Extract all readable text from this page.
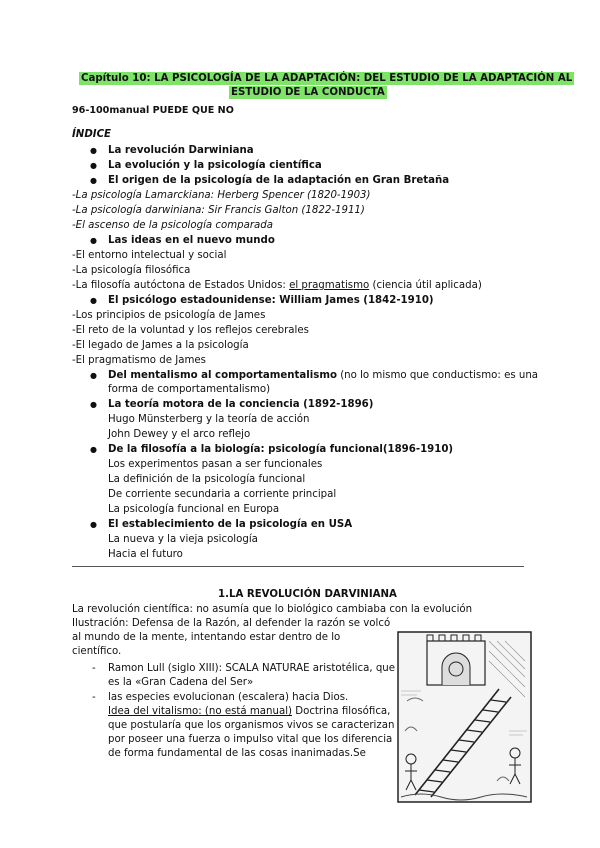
Capítulo 10: LA PSICOLOGÍA DE LA ADAPTACIÓN: DEL ESTUDIO DE LA ADAPTACIÓN AL
ESTUDIO DE LA CONDUCTA

96-100manual PUEDE QUE NO

ÍNDICE

● La revolución Darwiniana

● La evolución y la psicología científica

● El origen de la psicología de la adaptación en Gran Bretaña

-La psicología Lamarckiana: Herberg Spencer (1820-1903)

-La psicología darwiniana: Sir Francis Galton (1822-1911)

-El ascenso de la psicología comparada

● Las ideas en el nuevo mundo

-El entorno intelectual y social

-La psicología filosófica

-La filosofía autóctona de Estados Unidos: el pragmatismo (ciencia útil aplicada)

● El psicólogo estadounidense: William James (1842-1910)

-Los principios de psicología de James

-El reto de la voluntad y los reflejos cerebrales

-El legado de James a la psicología

-El pragmatismo de James

● Del mentalismo al comportamentalismo (no lo mismo que conductismo: es una

forma de comportamentalismo)

● La teoría motora de la conciencia (1892-1896)

Hugo Münsterberg y la teoría de acción

John Dewey y el arco reflejo

● De la filosofía a la biología: psicología funcional(1896-1910)

Los experimentos pasan a ser funcionales

La definición de la psicología funcional

De corriente secundaria a corriente principal

La psicología funcional en Europa

● El establecimiento de la psicología en USA

La nueva y la vieja psicología

Hacia el futuro

1.LA REVOLUCIÓN DARVINIANA

La revolución científica: no asumía que lo biológico cambiaba con la evolución

Ilustración: Defensa de la Razón, al defender la razón se volcó

al mundo de la mente, intentando estar dentro de lo

científico.

- Ramon Lull (siglo XIII): SCALA NATURAE aristotélica, que

es la «Gran Cadena del Ser»

- las especies evolucionan (escalera) hacia Dios.

Idea del vitalismo: (no está manual) Doctrina filosófica,

que postularía que los organismos vivos se caracterizan

por poseer una fuerza o impulso vital que los diferencia

de forma fundamental de las cosas inanimadas.Se
